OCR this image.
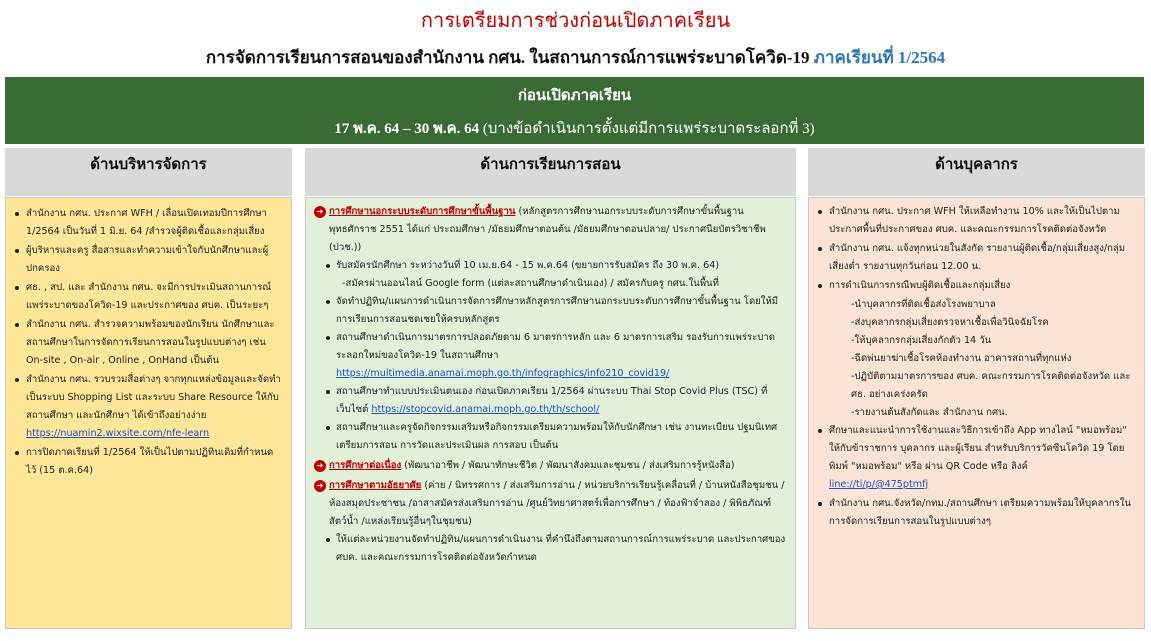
การเตรียมการช่วงก่อนเปิดภาคเรียน
การจัดการเรียนการสอนของสำนักงาน กศน. ในสถานการณ์การแพร่ระบาดโควิด-19 ภาคเรียนที่ 1/2564
ก่อนเปิดภาคเรียน
17 พ.ค. 64 – 30 พ.ค. 64 (บางข้อดำเนินการตั้งแต่มีการแพร่ระบาดระลอกที่ 3)
ด้านบริหารจัดการ	ด้านการเรียนการสอน	ด้านบุคลากร
สำนักงาน กศน. ประกาศ WFH / เลื่อนเปิดเทอมปีการศึกษา 1/2564 เป็นวันที่ 1 มิ.ย. 64 /สำรวจผู้ติดเชื้อและกลุ่มเสี่ยง
ผู้บริหารและครู สื่อสารและทำความเข้าใจกับนักศึกษาและผู้ปกครอง
ศธ. , สป. และ สำนักงาน กศน. จะมีการประเมินสถานการณ์แพร่ระบาดของโควิด-19 และประกาศของ ศบค. เป็นระยะๆ
สำนักงาน กศน. สำรวจความพร้อมของนักเรียน นักศึกษาและสถานศึกษาในการจัดการเรียนการสอนในรูปแบบต่างๆ เช่น On-site , On-air , Online , OnHand เป็นต้น
สำนักงาน กศน. รวบรวมสื่อต่างๆ จากทุกแหล่งข้อมูลและจัดทำเป็นระบบ Shopping List และระบบ Share Resource ให้กับสถานศึกษา และนักศึกษา ได้เข้าถึงอย่างง่าย https://nuamin2.wixsite.com/nfe-learn
การปิดภาคเรียนที่ 1/2564 ให้เป็นไปตามปฏิทินเดิมที่กำหนดไว้ (15 ต.ค.64)
➔ การศึกษานอกระบบระดับการศึกษาขั้นพื้นฐาน (หลักสูตรการศึกษานอกระบบระดับการศึกษาขั้นพื้นฐาน พุทธศักราช 2551 ได้แก่ ประถมศึกษา /มัธยมศึกษาตอนต้น /มัธยมศึกษาตอนปลาย/ ประกาศนียบัตรวิชาชีพ (ปวช.))
รับสมัครนักศึกษา ระหว่างวันที่ 10 เม.ย.64 - 15 พ.ค.64 (ขยายการรับสมัคร ถึง 30 พ.ค. 64)
-สมัครผ่านออนไลน์ Google form (แต่ละสถานศึกษาดำเนินเอง) / สมัครกับครู กศน.ในพื้นที่
จัดทำปฏิทิน/แผนการดำเนินการจัดการศึกษาหลักสูตรการศึกษานอกระบบระดับการศึกษาขั้นพื้นฐาน โดยให้มีการเรียนการสอนชดเชยให้ครบหลักสูตร
สถานศึกษาดำเนินการมาตรการปลอดภัยตาม 6 มาตรการหลัก และ 6 มาตรการเสริม รองรับการแพร่ระบาด ระลอกใหม่ของโควิด-19 ในสถานศึกษา
https://multimedia.anamai.moph.go.th/infographics/info210_covid19/
สถานศึกษาทำแบบประเมินตนเอง ก่อนเปิดภาคเรียน 1/2564 ผ่านระบบ Thai Stop Covid Plus (TSC) ที่เว็บไซต์ https://stopcovid.anamai.moph.go.th/th/school/
สถานศึกษาและครูจัดกิจกรรมเสริมหรือกิจกรรมเตรียมความพร้อมให้กับนักศึกษา เช่น งานทะเบียน ปฐมนิเทศ เตรียมการสอน การวัดและประเมินผล การสอบ เป็นต้น
➔ การศึกษาต่อเนื่อง (พัฒนาอาชีพ / พัฒนาทักษะชีวิต / พัฒนาสังคมและชุมชน / ส่งเสริมการรู้หนังสือ)
➔ การศึกษาตามอัธยาศัย (ค่าย / นิทรรศการ / ส่งเสริมการอ่าน / หน่วยบริการเรียนรู้เคลื่อนที่ / บ้านหนังสือชุมชน /ห้องสมุดประชาชน /อาสาสมัครส่งเสริมการอ่าน /ศูนย์วิทยาศาสตร์เพื่อการศึกษา / ท้องฟ้าจำลอง / พิพิธภัณฑ์สัตว์น้ำ /แหล่งเรียนรู้อื่นๆในชุมชน)
ให้แต่ละหน่วยงานจัดทำปฏิทิน/แผนการดำเนินงาน ที่คำนึงถึงตามสถานการณ์การแพร่ระบาด และประกาศของ ศบค. และคณะกรรมการโรคติดต่อจังหวัดกำหนด
สำนักงาน กศน. ประกาศ WFH ให้เหลือทำงาน 10% และให้เป็นไปตามประกาศพื้นที่ประกาศของ ศบค. และคณะกรรมการโรคติดต่อจังหวัด
สำนักงาน กศน. แจ้งทุกหน่วยในสังกัด รายงานผู้ติดเชื้อ/กลุ่มเสี่ยงสูง/กลุ่มเสี่ยงต่ำ รายงานทุกวันก่อน 12.00 น.
การดำเนินการกรณีพบผู้ติดเชื้อและกลุ่มเสี่ยง
-นำบุคลากรที่ติดเชื้อส่งโรงพยาบาล
-ส่งบุคลากรกลุ่มเสี่ยงตรวจหาเชื้อเพื่อวินิจฉัยโรค
-ให้บุคลากรกลุ่มเสี่ยงกักตัว 14 วัน
-ฉีดพ่นยาฆ่าเชื้อโรคห้องทำงาน อาคารสถานที่ทุกแห่ง
-ปฏิบัติตามมาตรการของ ศบค. คณะกรรมการโรคติดต่อจังหวัด และ ศธ. อย่างเคร่งครัด
-รายงานต้นสังกัดและ สำนักงาน กศน.
ศึกษาและแนะนำการใช้งานและวิธีการเข้าถึง App ทางไลน์ "หมอพร้อม" ให้กับข้าราชการ บุคลากร และผู้เรียน สำหรับบริการวัคซีนโควิด 19 โดยพิมพ์ "หมอพร้อม" หรือ ผ่าน QR Code หรือ ลิงค์
line://ti/p/@475ptmfj
สำนักงาน กศน.จังหวัด/กทม./สถานศึกษา เตรียมความพร้อมให้บุคลากรในการจัดการเรียนการสอนในรูปแบบต่างๆ
